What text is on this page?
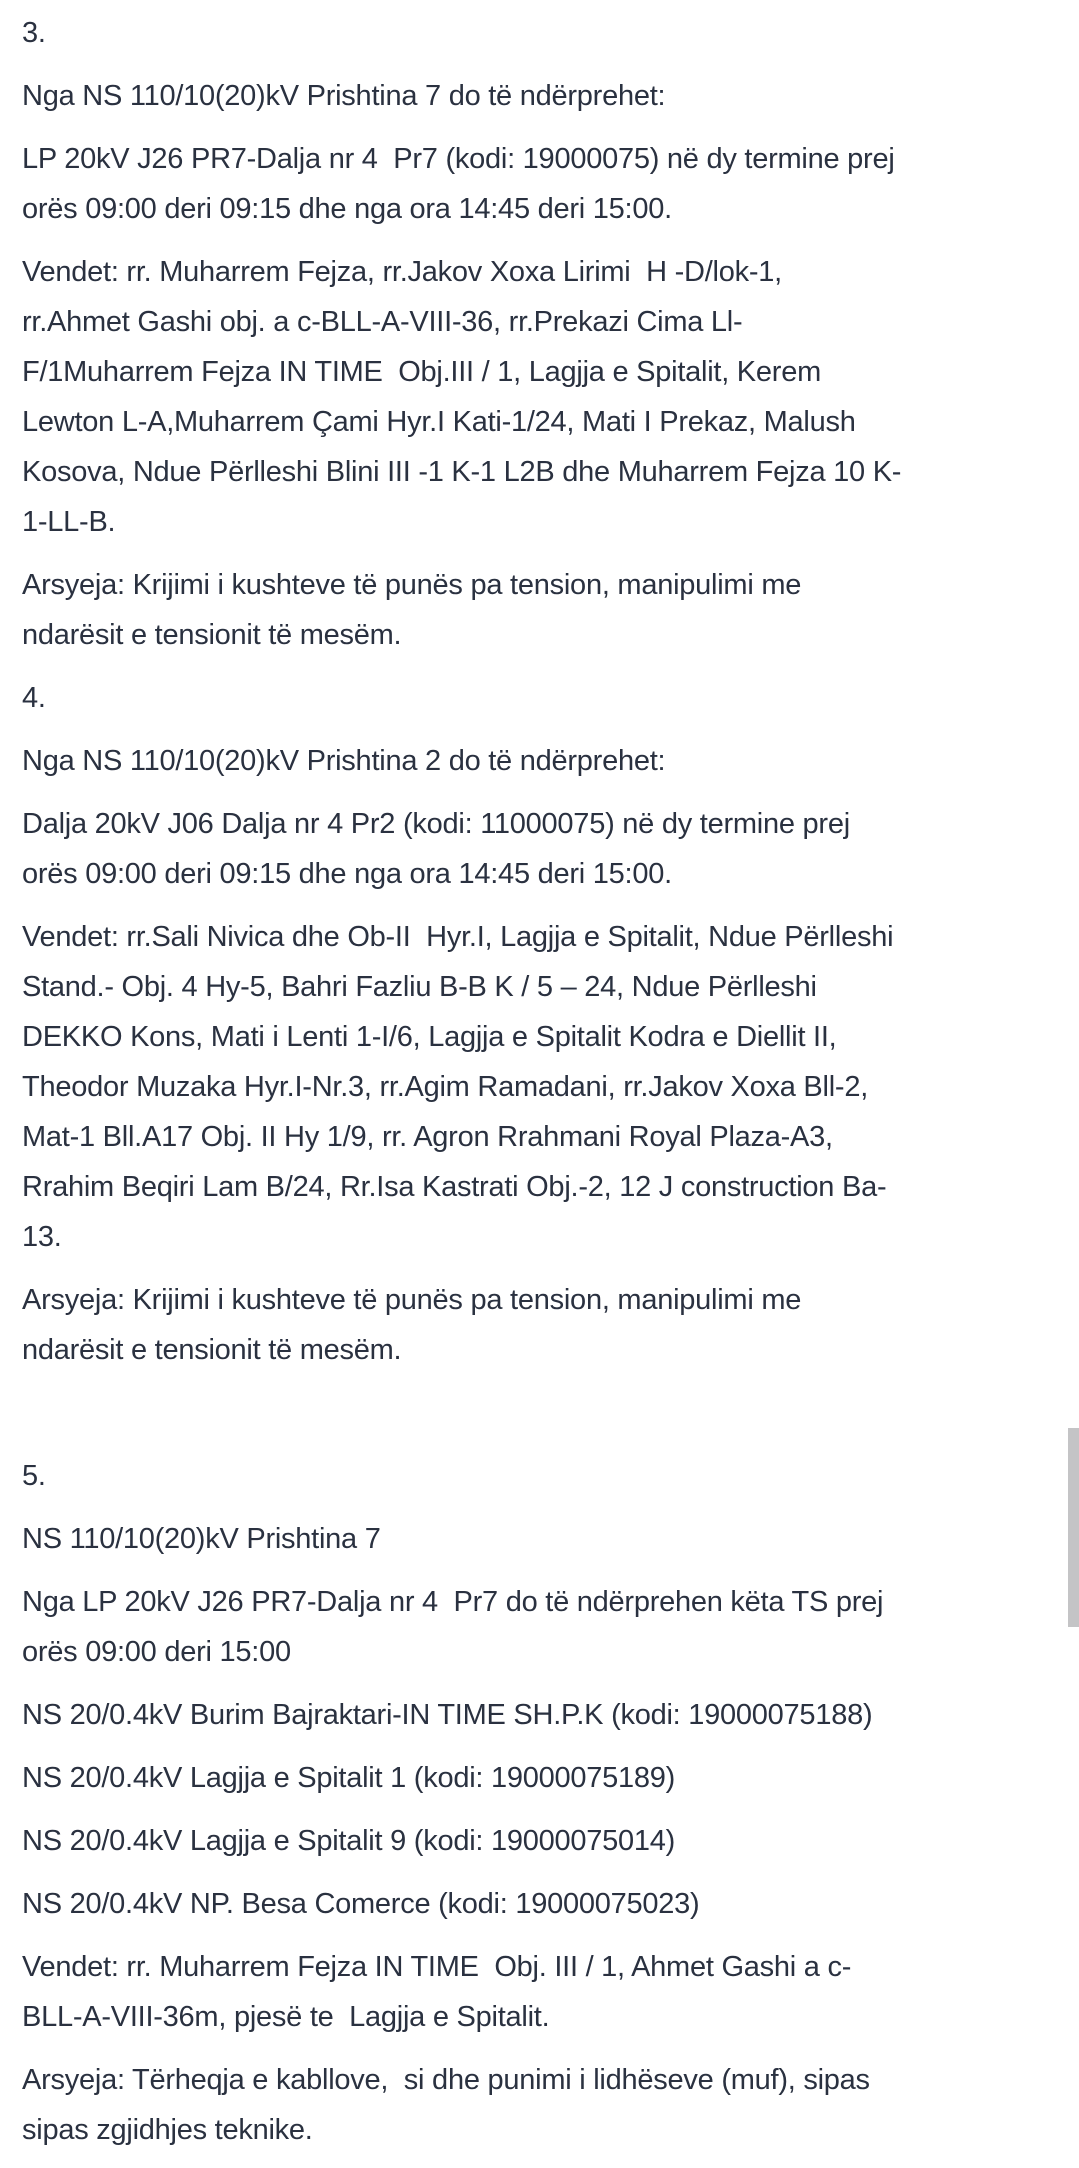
3.
Nga NS 110/10(20)kV Prishtina 7 do të ndërprehet:
LP 20kV J26 PR7-Dalja nr 4  Pr7 (kodi: 19000075) në dy termine prej
orës 09:00 deri 09:15 dhe nga ora 14:45 deri 15:00.
Vendet: rr. Muharrem Fejza, rr.Jakov Xoxa Lirimi  H -D/lok-1,
rr.Ahmet Gashi obj. a c-BLL-A-VIII-36, rr.Prekazi Cima Ll-
F/1Muharrem Fejza IN TIME  Obj.III / 1, Lagjja e Spitalit, Kerem
Lewton L-A,Muharrem Çami Hyr.I Kati-1/24, Mati I Prekaz, Malush
Kosova, Ndue Përlleshi Blini III -1 K-1 L2B dhe Muharrem Fejza 10 K-
1-LL-B.
Arsyeja: Krijimi i kushteve të punës pa tension, manipulimi me
ndarësit e tensionit të mesëm.
4.
Nga NS 110/10(20)kV Prishtina 2 do të ndërprehet:
Dalja 20kV J06 Dalja nr 4 Pr2 (kodi: 11000075) në dy termine prej
orës 09:00 deri 09:15 dhe nga ora 14:45 deri 15:00.
Vendet: rr.Sali Nivica dhe Ob-II  Hyr.I, Lagjja e Spitalit, Ndue Përlleshi
Stand.- Obj. 4 Hy-5, Bahri Fazliu B-B K / 5 – 24, Ndue Përlleshi
DEKKO Kons, Mati i Lenti 1-I/6, Lagjja e Spitalit Kodra e Diellit II,
Theodor Muzaka Hyr.I-Nr.3, rr.Agim Ramadani, rr.Jakov Xoxa Bll-2,
Mat-1 Bll.A17 Obj. II Hy 1/9, rr. Agron Rrahmani Royal Plaza-A3,
Rrahim Beqiri Lam B/24, Rr.Isa Kastrati Obj.-2, 12 J construction Ba-
13.
Arsyeja: Krijimi i kushteve të punës pa tension, manipulimi me
ndarësit e tensionit të mesëm.
5.
NS 110/10(20)kV Prishtina 7
Nga LP 20kV J26 PR7-Dalja nr 4  Pr7 do të ndërprehen këta TS prej
orës 09:00 deri 15:00
NS 20/0.4kV Burim Bajraktari-IN TIME SH.P.K (kodi: 19000075188)
NS 20/0.4kV Lagjja e Spitalit 1 (kodi: 19000075189)
NS 20/0.4kV Lagjja e Spitalit 9 (kodi: 19000075014)
NS 20/0.4kV NP. Besa Comerce (kodi: 19000075023)
Vendet: rr. Muharrem Fejza IN TIME  Obj. III / 1, Ahmet Gashi a c-
BLL-A-VIII-36m, pjesë te  Lagjja e Spitalit.
Arsyeja: Tërheqja e kabllove,  si dhe punimi i lidhëseve (muf), sipas
sipas zgjidhjes teknike.
